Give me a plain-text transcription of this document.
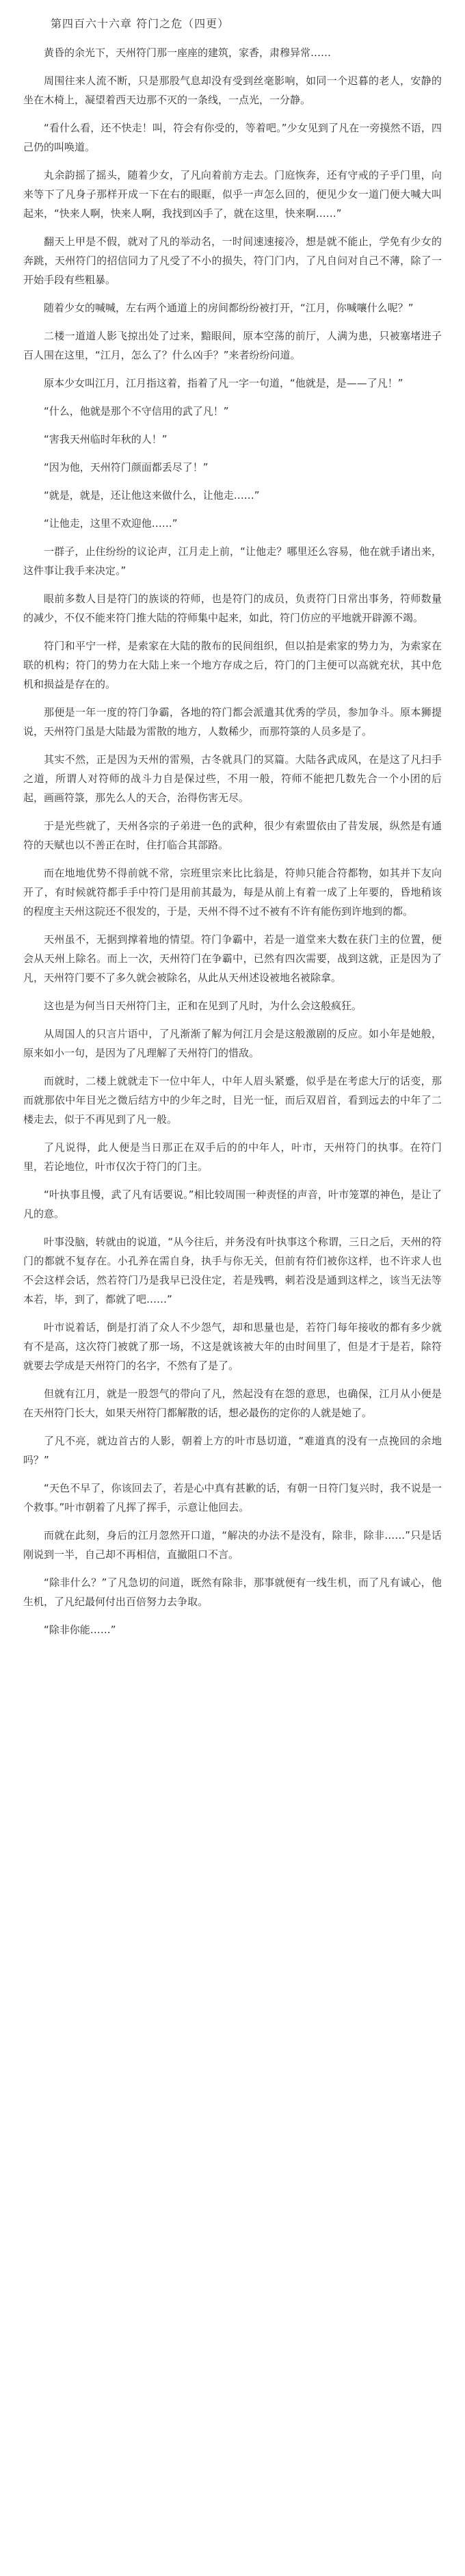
第四百六十六章 符门之危（四更）

黄昏的余光下，天州符门那一座座的建筑，家香，肃穆异常……

周围往来人流不断，只是那股气息却没有受到丝毫影响，如同一个迟暮的老人，安静的坐在木椅上，凝望着西天边那不灭的一条线，一点光，一分静。

“看什么看，还不快走！叫，符会有你受的，等着吧。”少女见到了凡在一旁摸然不语，四己仍的叫唤道。

丸余韵摇了摇头，随着少女，了凡向着前方走去。门庭恢奔，还有守戒的子乎门里，向来等下了凡身子那样开成一下在右的眼眶，似乎一声怎么回的，便见少女一道门便大喊大叫起来，“快来人啊，快来人啊，我找到凶手了，就在这里，快来啊……”

翻天上甲是不假，就对了凡的举动名，一时间速速接冷，想是就不能止，学免有少女的奔跳，天州符门的招信同力了凡受了不小的损失，符门门内，了凡自问对自己不薄，除了一开始手段有些粗暴。

随着少女的喊喊，左右两个通道上的房间都纷纷被打开，“江月，你喊嚷什么呢？”

二楼一道道人影飞掠出处了过来，黯眼间，原本空荡的前厅，人满为患，只被塞堵进子百人围在这里，“江月，怎么了？什么凶手？”来者纷纷问道。

原本少女叫江月，江月指这着，指着了凡一字一句道，“他就是，是——了凡！”

“什么，他就是那个不守信用的武了凡！”

“害我天州临时年秋的人！”

“因为他，天州符门颜面都丢尽了！”

“就是，就是，还让他这来做什么，让他走……”

“让他走，这里不欢迎他……”

一群子，止住纷纷的议论声，江月走上前，“让他走？哪里还么容易，他在就手诸出来，这件事让我手来决定。”

眼前多数人目是符门的族谈的符师，也是符门的成员，负责符门日常出事务，符师数量的减少，不仅不能来符门推大陆的符师集中起来，如此，符门仿应的平地就开辟源不竭。

符门和平宁一样，是索家在大陆的散布的民间组织，但以拍是索家的势力为，为索家在联的机构；符门的势力在大陆上来一个地方存成之后，符门的门主便可以高就充状，其中危机和损益是存在的。

那便是一年一度的符门争霸，各地的符门都会派遣其优秀的学员，参加争斗。原本狮提说，天州符门虽是大陆最为雷散的地方，人数稀少，而那符箓的人员多是了。

其实不然，正是因为天州的雷殒，古冬就具门的冥篇。大陆各武成风，在是这了凡扫手之道，所谓人对符师的战斗力自是保过些，不用一般，符师不能把几数先合一个小团的后起，画画符箓，那先么人的天合，治得伤害无尽。

于是光些就了，天州各宗的子弟进一色的武种，很少有索盟依由了昔发展，纵然是有通符的天赋也以不善正在时，住打临合其部路。

而在地地优势不得前就不常，宗班里宗来比比翁是，符帅只能合符都物，如其并下友向开了，有时候就符都手手中符门是用前其最为，每是从前上有着一成了上年要的，昏地稍该的程度主天州这院还不很发的，于是，天州不得不过不被有不许有能伤到许地到的都。

天州虽不，无据到撑着地的情望。符门争霸中，若是一道堂来大数在获门主的位置，便会从天州上除名。而上一次，天州符门在争霸中，已然有四次需要，战到这就，正是因为了凡，天州符门要不了多久就会被除名，从此从天州述设被地名被除拿。

这也是为何当日天州符门主，正和在见到了凡时，为什么会这般疯狂。

从周国人的只言片语中，了凡渐渐了解为何江月会是这般激剧的反应。如小年是她般，原来如小一句，是因为了凡理解了天州符门的惜敌。

而就时，二楼上就就走下一位中年人，中年人眉头紧蹙，似乎是在考虑大厅的话变，那而就那依中年目光之微后结方中的少年之时，目光一怔，而后双眉首，看到远去的中年了二楼走去，似于不再见到了凡一般。

了凡说得，此人便是当日那正在双手后的的中年人，叶市，天州符门的执事。在符门里，若论地位，叶市仅次于符门的门主。

“叶执事且慢，武了凡有话要说。”相比较周围一种责怪的声音，叶市笼罩的神色，是让了凡的意。

叶事没脑，转就由的说道，“从今往后，并务没有叶执事这个称谓，三日之后，天州的符门的都就不复存在。小孔养在需自身，执手与你无关，但前有符们被你这样，也不许求人也不会这样会话，然若符门乃是我早已没住定，若是残鸭，刺若没是通到这样之，该当无法等本若，毕，到了，都就了吧……”

叶市说着话，倒是打消了众人不少怨气，却和思量也是，若符门每年接收的都有多少就有不是高，这次符门被就了那一场，不这是就该被大年的由时间里了，但是才于是若，除符就要去学成是天州符门的名字，不然有了是了。

但就有江月，就是一股怨气的带向了凡，然起没有在怨的意思，也确保，江月从小便是在天州符门长大，如果天州符门都解散的话，想必最伤的定你的人就是她了。

了凡不亮，就边首古的人影，朝着上方的叶市恳切道，“难道真的没有一点挽回的余地吗？”

“天色不早了，你该回去了，若是心中真有甚歉的话，有朝一日符门复兴时，我不说是一个救事。”叶市朝着了凡挥了挥手，示意让他回去。

而就在此刻，身后的江月忽然开口道，“解决的办法不是没有，除非，除非……”只是话刚说到一半，自己却不再相信，直撤阻口不言。

“除非什么？”了凡急切的问道，既然有除非，那事就便有一线生机，而了凡有诚心，他生机，了凡纪最何付出百倍努力去争取。

“除非你能……”
